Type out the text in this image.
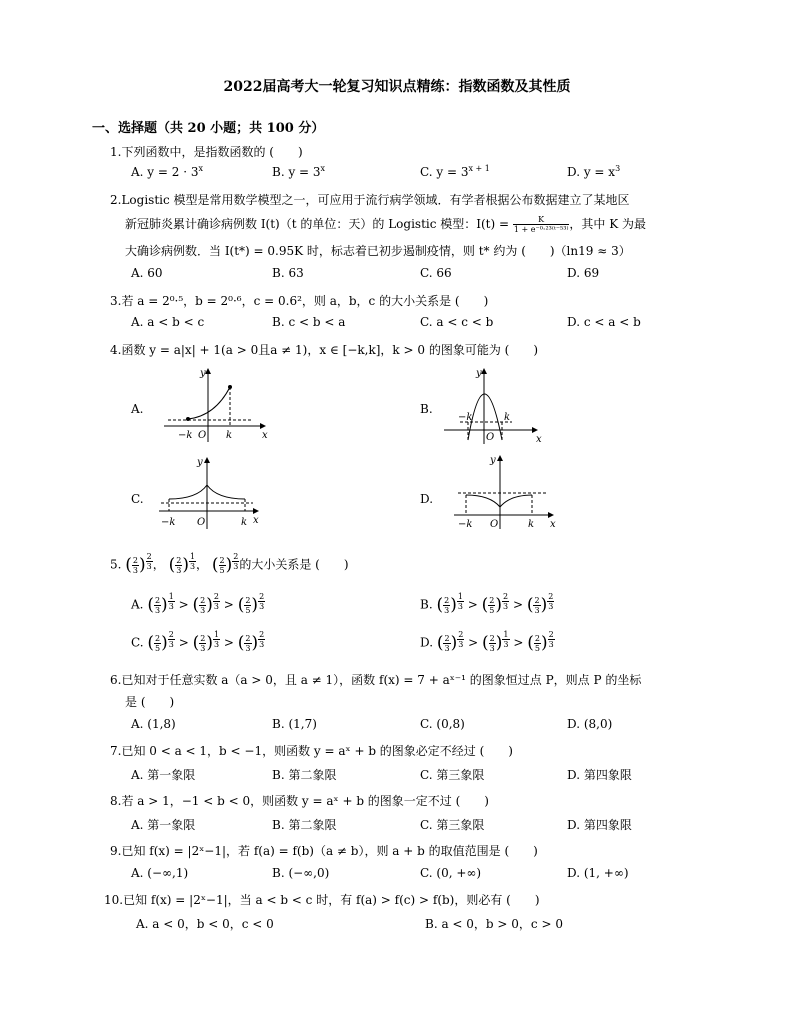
2022届高考大一轮复习知识点精练：指数函数及其性质
一、选择题（共 20 小题；共 100 分）
1.下列函数中，是指数函数的 (　　)
A. $y = 2 \cdot 3^x$	B. $y = 3^x$	C. $y = 3^{x + 1}$	D. $y = x^3$
2.Logistic 模型是常用数学模型之一，可应用于流行病学领域．有学者根据公布数据建立了某地区
新冠肺炎累计确诊病例数 I(t)（t 的单位：天）的 Logistic 模型：$I(t) = \frac{K}{\text{1 + e⁻⁰·²³⁽ᵗ⁻⁵³⁾}}$ ，其中 K 为最
大确诊病例数．当 I(t*) = 0.95K 时，标志着已初步遏制疫情，则 t* 约为 (　　)（ln19 ≈ 3）
A. 60	B. 63	C. 66	D. 69
3.若 a = 2⁰·⁵，b = 2⁰·⁶，c = 0.6²，则 a，b，c 的大小关系是 (　　)
A. a < b < c	B. c < b < a	C. a < c < b	D. c < a < b
4.函数 y = a|x| + 1(a > 0且a ≠ 1)，x ∈ [−k,k]，k > 0 的图象可能为 (　　)
A.	B.
C.	D.
y
x
O
−k	k
y
x
O
−k	k
y
x
O
−k	k
y
x
O
−k	k
5. ( $\frac{2}{3}$ ) $^{\frac{2}{3}}$ ， ( $\frac{2}{3}$ ) $^{\frac{1}{3}}$ ， ( $\frac{2}{5}$ ) $^{\frac{2}{3}}$ 的大小关系是 (　　)
A. ( $\frac{2}{3}$ ) $^{\frac{1}{3}}$ > ( $\frac{2}{3}$ ) $^{\frac{2}{3}}$ > ( $\frac{2}{5}$ ) $^{\frac{2}{3}}$	B. ( $\frac{2}{3}$ ) $^{\frac{1}{3}}$ > ( $\frac{2}{5}$ ) $^{\frac{2}{3}}$ > ( $\frac{2}{3}$ ) $^{\frac{2}{3}}$
C. ( $\frac{2}{5}$ ) $^{\frac{2}{3}}$ > ( $\frac{2}{3}$ ) $^{\frac{1}{3}}$ > ( $\frac{2}{3}$ ) $^{\frac{2}{3}}$	D. ( $\frac{2}{3}$ ) $^{\frac{2}{3}}$ > ( $\frac{2}{3}$ ) $^{\frac{1}{3}}$ > ( $\frac{2}{5}$ ) $^{\frac{2}{3}}$
6.已知对于任意实数 a（a > 0，且 a ≠ 1），函数 f(x) = 7 + aˣ⁻¹ 的图象恒过点 P，则点 P 的坐标
是 (　　)
A. (1,8)	B. (1,7)	C. (0,8)	D. (8,0)
7.已知 0 < a < 1，b < −1，则函数 y = aˣ + b 的图象必定不经过 (　　)
A. 第一象限	B. 第二象限	C. 第三象限	D. 第四象限
8.若 a > 1，−1 < b < 0，则函数 y = aˣ + b 的图象一定不过 (　　)
A. 第一象限	B. 第二象限	C. 第三象限	D. 第四象限
9.已知 f(x) = |2ˣ−1|，若 f(a) = f(b)（a ≠ b），则 a + b 的取值范围是 (　　)
A. (−∞,1)	B. (−∞,0)	C. (0, +∞)	D. (1, +∞)
10.已知 f(x) = |2ˣ−1|，当 a < b < c 时，有 f(a) > f(c) > f(b)，则必有 (　　)
A. a < 0，b < 0，c < 0	B. a < 0，b > 0，c > 0
